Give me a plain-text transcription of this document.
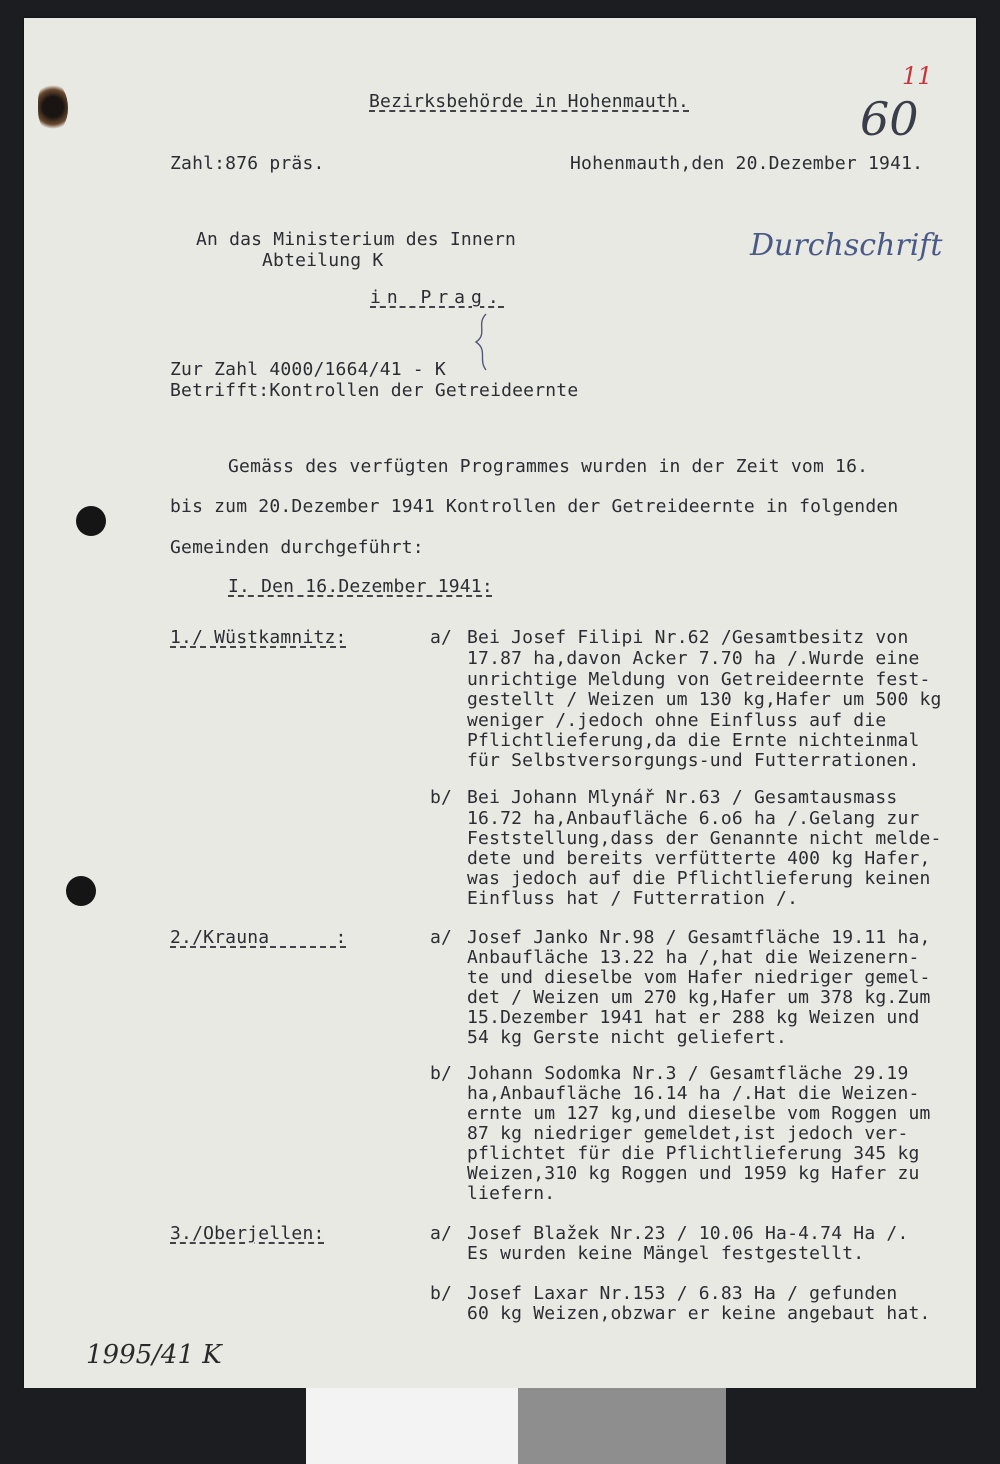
Bezirksbehörde in Hohenmauth.
Zahl:876 präs.	Hohenmauth,den 20.Dezember 1941.
60
11
Durchschrift
1995/41 K
An das Ministerium des Innern
Abteilung K
in Prag.
Zur Zahl 4000/1664/41 - K
Betrifft:Kontrollen der Getreideernte
Gemäss des verfügten Programmes wurden in der Zeit vom 16.
bis zum 20.Dezember 1941 Kontrollen der Getreideernte in folgenden
Gemeinden durchgeführt:
I. Den 16.Dezember 1941:
1./ Wüstkamnitz:	a/ Bei Josef Filipi Nr.62 /Gesamtbesitz von
17.87 ha,davon Acker 7.70 ha /.Wurde eine
unrichtige Meldung von Getreideernte fest-
gestellt / Weizen um 130 kg,Hafer um 500 kg
weniger /.jedoch ohne Einfluss auf die
Pflichtlieferung,da die Ernte nichteinmal
für Selbstversorgungs-und Futterrationen.
b/ Bei Johann Mlynář Nr.63 / Gesamtausmass
16.72 ha,Anbaufläche 6.o6 ha /.Gelang zur
Feststellung,dass der Genannte nicht melde-
dete und bereits verfütterte 400 kg Hafer,
was jedoch auf die Pflichtlieferung keinen
Einfluss hat / Futterration /.
2./Krauna      :	a/ Josef Janko Nr.98 / Gesamtfläche 19.11 ha,
Anbaufläche 13.22 ha /,hat die Weizenern-
te und dieselbe vom Hafer niedriger gemel-
det / Weizen um 270 kg,Hafer um 378 kg.Zum
15.Dezember 1941 hat er 288 kg Weizen und
54 kg Gerste nicht geliefert.
b/ Johann Sodomka Nr.3 / Gesamtfläche 29.19
ha,Anbaufläche 16.14 ha /.Hat die Weizen-
ernte um 127 kg,und dieselbe vom Roggen um
87 kg niedriger gemeldet,ist jedoch ver-
pflichtet für die Pflichtlieferung 345 kg
Weizen,310 kg Roggen und 1959 kg Hafer zu
liefern.
3./Oberjellen:	a/ Josef Blažek Nr.23 / 10.06 Ha-4.74 Ha /.
Es wurden keine Mängel festgestellt.
b/ Josef Laxar Nr.153 / 6.83 Ha / gefunden
60 kg Weizen,obzwar er keine angebaut hat.
